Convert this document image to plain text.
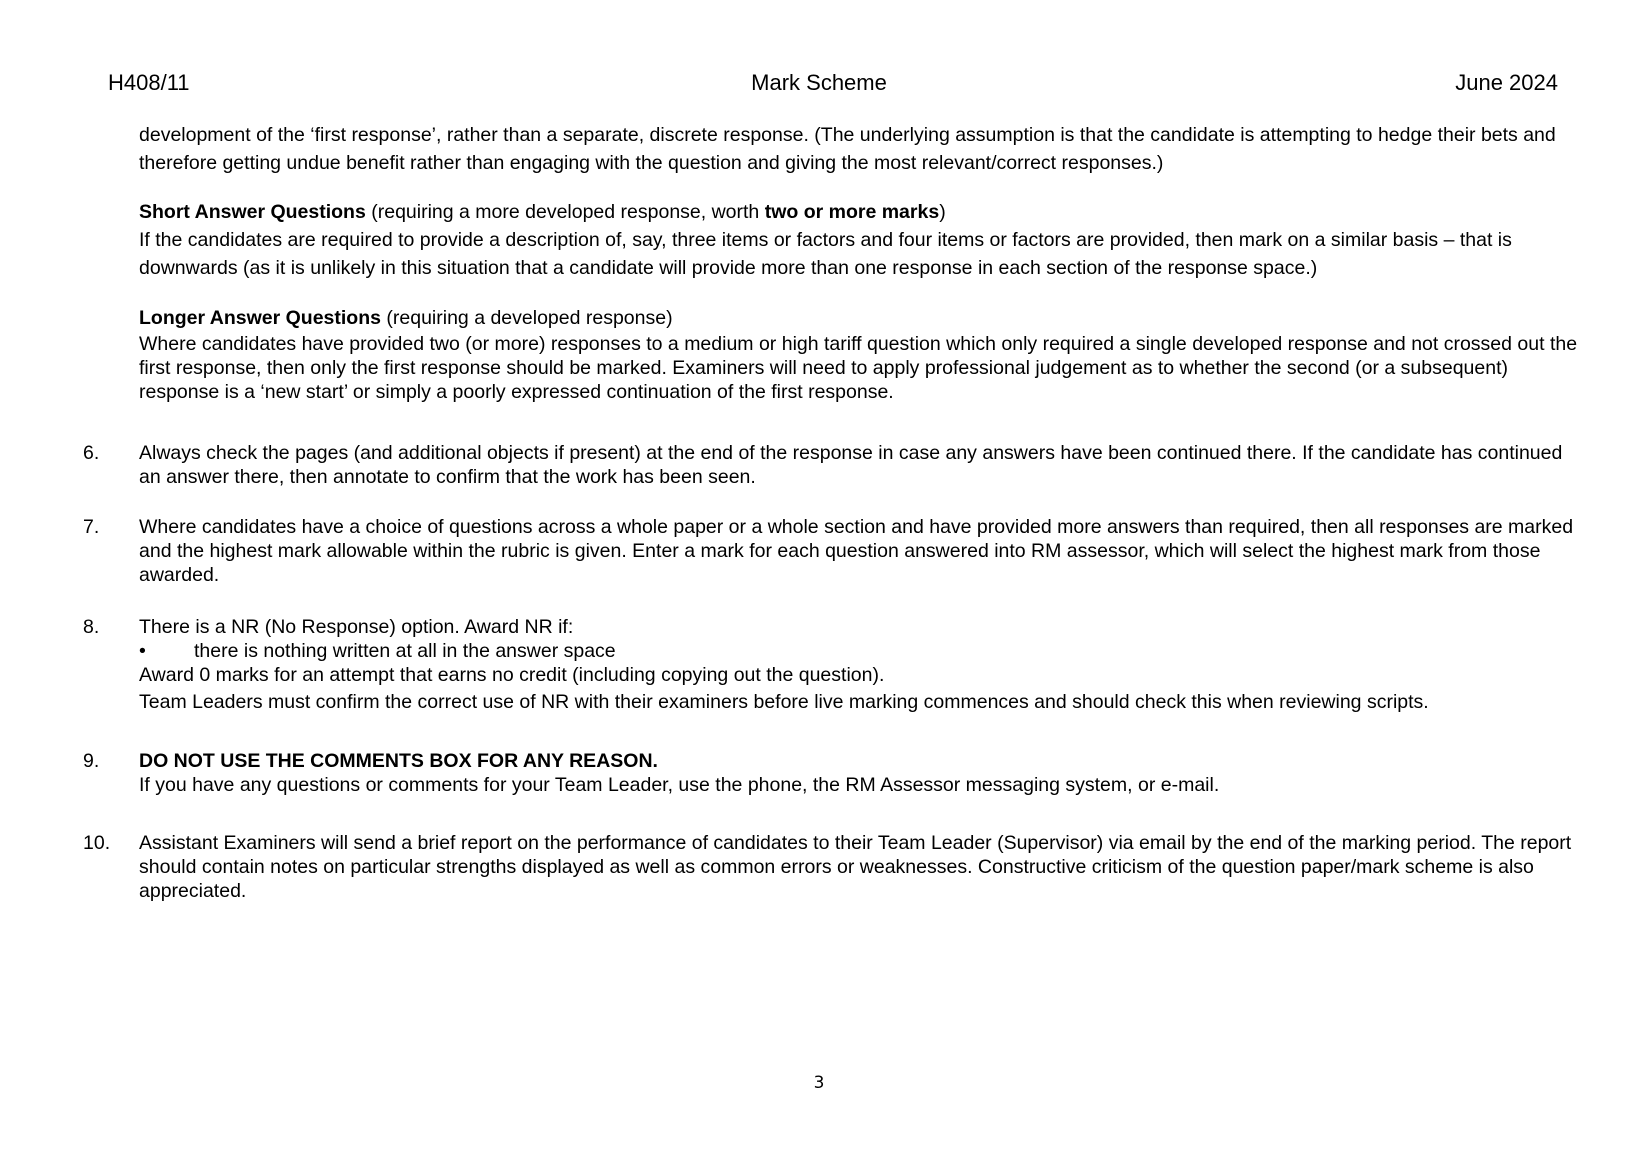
H408/11	Mark Scheme	June 2024

development of the ‘first response’, rather than a separate, discrete response. (The underlying assumption is that the candidate is attempting to hedge their bets and therefore getting undue benefit rather than engaging with the question and giving the most relevant/correct responses.)

Short Answer Questions (requiring a more developed response, worth two or more marks)

If the candidates are required to provide a description of, say, three items or factors and four items or factors are provided, then mark on a similar basis – that is downwards (as it is unlikely in this situation that a candidate will provide more than one response in each section of the response space.)

Longer Answer Questions (requiring a developed response)

Where candidates have provided two (or more) responses to a medium or high tariff question which only required a single developed response and not crossed out the first response, then only the first response should be marked. Examiners will need to apply professional judgement as to whether the second (or a subsequent) response is a ‘new start’ or simply a poorly expressed continuation of the first response.

6. Always check the pages (and additional objects if present) at the end of the response in case any answers have been continued there. If the candidate has continued an answer there, then annotate to confirm that the work has been seen.

7. Where candidates have a choice of questions across a whole paper or a whole section and have provided more answers than required, then all responses are marked and the highest mark allowable within the rubric is given. Enter a mark for each question answered into RM assessor, which will select the highest mark from those awarded.

8. There is a NR (No Response) option. Award NR if:

• there is nothing written at all in the answer space

Award 0 marks for an attempt that earns no credit (including copying out the question).

Team Leaders must confirm the correct use of NR with their examiners before live marking commences and should check this when reviewing scripts.

9. DO NOT USE THE COMMENTS BOX FOR ANY REASON.

If you have any questions or comments for your Team Leader, use the phone, the RM Assessor messaging system, or e-mail.

10. Assistant Examiners will send a brief report on the performance of candidates to their Team Leader (Supervisor) via email by the end of the marking period. The report should contain notes on particular strengths displayed as well as common errors or weaknesses. Constructive criticism of the question paper/mark scheme is also appreciated.

3
